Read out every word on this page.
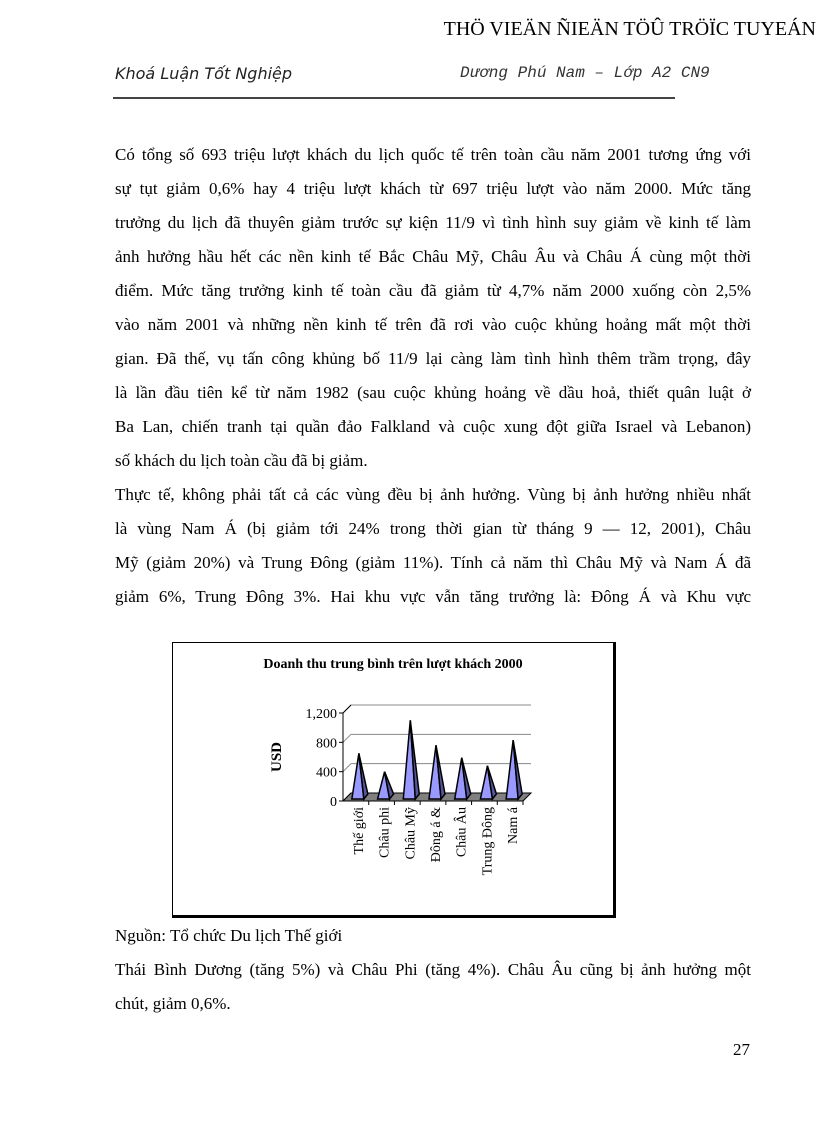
THÖ VIEÄN ÑIEÄN TÖÛ TRÖÏC TUYEÁN
Khoá Luận Tốt Nghiệp	Dương Phú Nam – Lớp A2 CN9
Có tổng số 693 triệu lượt khách du lịch quốc tế trên toàn cầu năm 2001 tương ứng với
sự tụt giảm 0,6% hay 4 triệu lượt khách từ 697 triệu lượt vào năm 2000. Mức tăng
trưởng du lịch đã thuyên giảm trước sự kiện 11/9 vì tình hình suy giảm về kinh tế làm
ảnh hưởng hầu hết các nền kinh tế Bắc Châu Mỹ, Châu Âu và Châu Á cùng một thời
điểm. Mức tăng trưởng kinh tế toàn cầu đã giảm từ 4,7% năm 2000 xuống còn 2,5%
vào năm 2001 và những nền kinh tế trên đã rơi vào cuộc khủng hoảng mất một thời
gian. Đã thế, vụ tấn công khủng bố 11/9 lại càng làm tình hình thêm trầm trọng, đây
là lần đầu tiên kể từ năm 1982 (sau cuộc khủng hoảng về dầu hoả, thiết quân luật ở
Ba Lan, chiến tranh tại quần đảo Falkland và cuộc xung đột giữa Israel và Lebanon)
số khách du lịch toàn cầu đã bị giảm.
Thực tế, không phải tất cả các vùng đều bị ảnh hưởng. Vùng bị ảnh hưởng nhiều nhất
là vùng Nam Á (bị giảm tới 24% trong thời gian từ tháng 9 — 12, 2001), Châu
Mỹ (giảm 20%) và Trung Đông (giảm 11%). Tính cả năm thì Châu Mỹ và Nam Á đã
giảm 6%, Trung Đông 3%. Hai khu vực vẫn tăng trưởng là: Đông Á và Khu vực
Nguồn: Tổ chức Du lịch Thế giới
Thái Bình Dương (tăng 5%) và Châu Phi (tăng 4%). Châu Âu cũng bị ảnh hưởng một
chút, giảm 0,6%.
Doanh thu trung bình trên lượt khách 2000
0
400
800
1,200
USD
Thế giới Châu phi Châu Mỹ Đông á & Châu Âu Trung Đông Nam á
27
